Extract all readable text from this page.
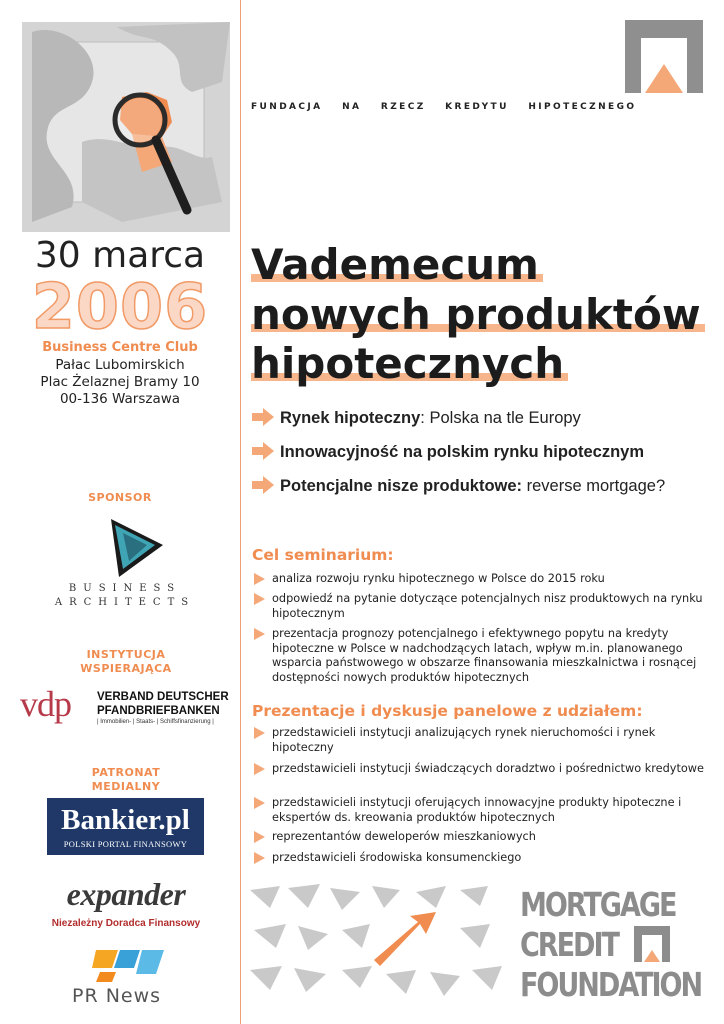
30 marca
2006
Business Centre Club
Pałac Lubomirskich
Plac Żelaznej Bramy 10
00-136 Warszawa
SPONSOR
BUSINESS
ARCHITECTS
INSTYTUCJA
WSPIERAJĄCA
vdp VERBAND DEUTSCHER
PFANDBRIEFBANKEN
| Immobilien- | Staats- | Schiffsfinanzierung |
PATRONAT
MEDIALNY
Bankier.pl
POLSKI PORTAL FINANSOWY
expander
Niezależny Doradca Finansowy
PR News
FUNDACJA NA RZECZ KREDYTU HIPOTECZNEGO
Vademecum
nowych produktów
hipotecznych
Rynek hipoteczny: Polska na tle Europy
Innowacyjność na polskim rynku hipotecznym
Potencjalne nisze produktowe: reverse mortgage?
Cel seminarium:
analiza rozwoju rynku hipotecznego w Polsce do 2015 roku
odpowiedź na pytanie dotyczące potencjalnych nisz produktowych na rynku hipotecznym
prezentacja prognozy potencjalnego i efektywnego popytu na kredyty hipoteczne w Polsce w nadchodzących latach, wpływ m.in. planowanego wsparcia państwowego w obszarze finansowania mieszkalnictwa i rosnącej dostępności nowych produktów hipotecznych
Prezentacje i dyskusje panelowe z udziałem:
przedstawicieli instytucji analizujących rynek nieruchomości i rynek hipoteczny
przedstawicieli instytucji świadczących doradztwo i pośrednictwo kredytowe
przedstawicieli instytucji oferujących innowacyjne produkty hipoteczne i ekspertów ds. kreowania produktów hipotecznych
reprezentantów deweloperów mieszkaniowych
przedstawicieli środowiska konsumenckiego
MORTGAGE
CREDIT
FOUNDATION
